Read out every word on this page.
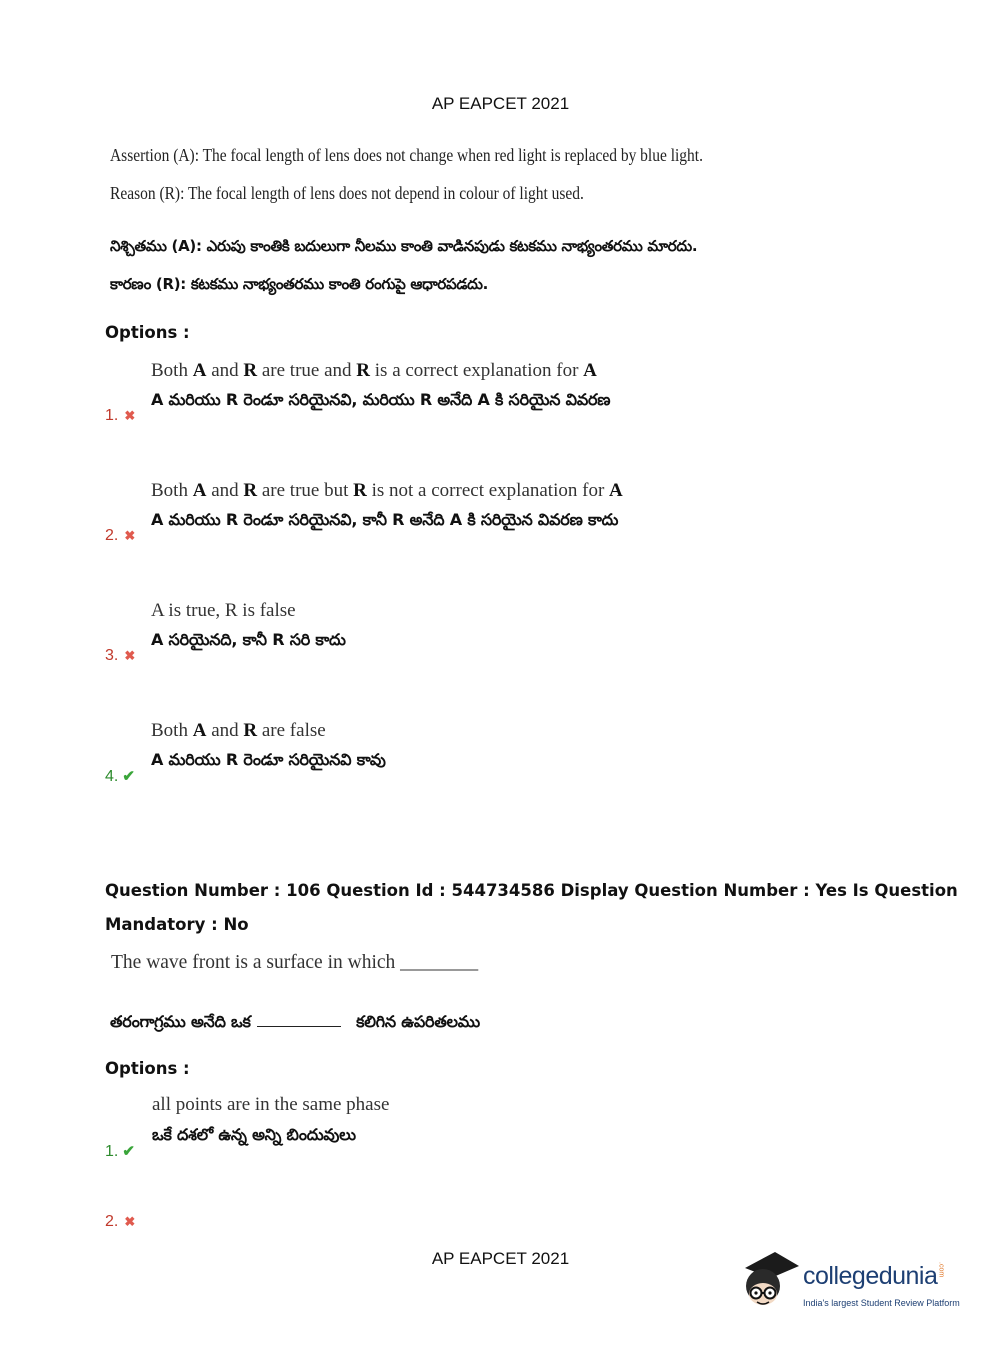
AP EAPCET 2021
Assertion (A): The focal length of lens does not change when red light is replaced by blue light.
Reason (R): The focal length of lens does not depend in colour of light used.
నిశ్చితము (A): ఎరుపు కాంతికి బదులుగా నీలము కాంతి వాడినపుడు కటకము నాభ్యంతరము మారదు.
కారణం (R): కటకము నాభ్యంతరము కాంతి రంగుపై ఆధారపడదు.
Options :
Both A and R are true and R is a correct explanation for A
A మరియు R రెండూ సరియైనవి, మరియు R అనేది A కి సరియైన వివరణ
1. ✖
Both A and R are true but R is not a correct explanation for A
A మరియు R రెండూ సరియైనవి, కానీ R అనేది A కి సరియైన వివరణ కాదు
2. ✖
A is true, R is false
A సరియైనది, కానీ R సరి కాదు
3. ✖
Both A and R are false
A మరియు R రెండూ సరియైనవి కావు
4. ✔
Question Number : 106 Question Id : 544734586 Display Question Number : Yes Is Question
Mandatory : No
The wave front is a surface in which ________
తరంగాగ్రము అనేది ఒక	కలిగిన ఉపరితలము
Options :
all points are in the same phase
ఒకే దశలో ఉన్న అన్ని బిందువులు
1. ✔
2. ✖
AP EAPCET 2021
collegedunia.com
India's largest Student Review Platform
